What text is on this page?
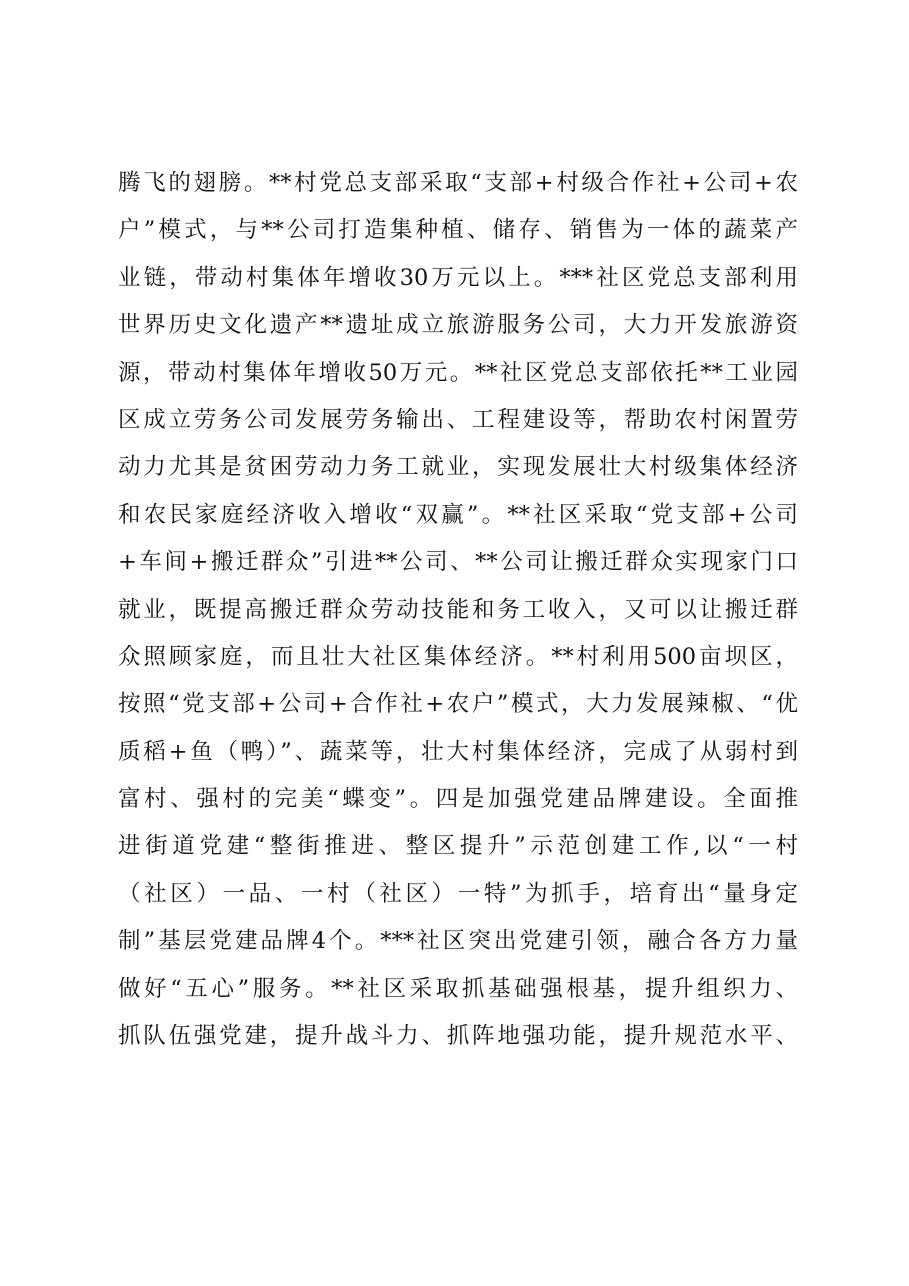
腾飞的翅膀。**村党总支部采取“支部+村级合作社+公司+农
户”模式，与**公司打造集种植、储存、销售为一体的蔬菜产
业链，带动村集体年增收30万元以上。***社区党总支部利用
世界历史文化遗产**遗址成立旅游服务公司，大力开发旅游资
源，带动村集体年增收50万元。**社区党总支部依托**工业园
区成立劳务公司发展劳务输出、工程建设等，帮助农村闲置劳
动力尤其是贫困劳动力务工就业，实现发展壮大村级集体经济
和农民家庭经济收入增收“双赢”。**社区采取“党支部+公司
+车间+搬迁群众”引进**公司、**公司让搬迁群众实现家门口
就业，既提高搬迁群众劳动技能和务工收入，又可以让搬迁群
众照顾家庭，而且壮大社区集体经济。**村利用500亩坝区，
按照“党支部+公司+合作社+农户”模式，大力发展辣椒、“优
质稻+鱼（鸭）”、蔬菜等，壮大村集体经济，完成了从弱村到
富村、强村的完美“蝶变”。四是加强党建品牌建设。全面推
进街道党建“整街推进、整区提升”示范创建工作,以“一村
（社区）一品、一村（社区）一特”为抓手，培育出“量身定
制”基层党建品牌4个。***社区突出党建引领，融合各方力量
做好“五心”服务。**社区采取抓基础强根基，提升组织力、
抓队伍强党建，提升战斗力、抓阵地强功能，提升规范水平、
